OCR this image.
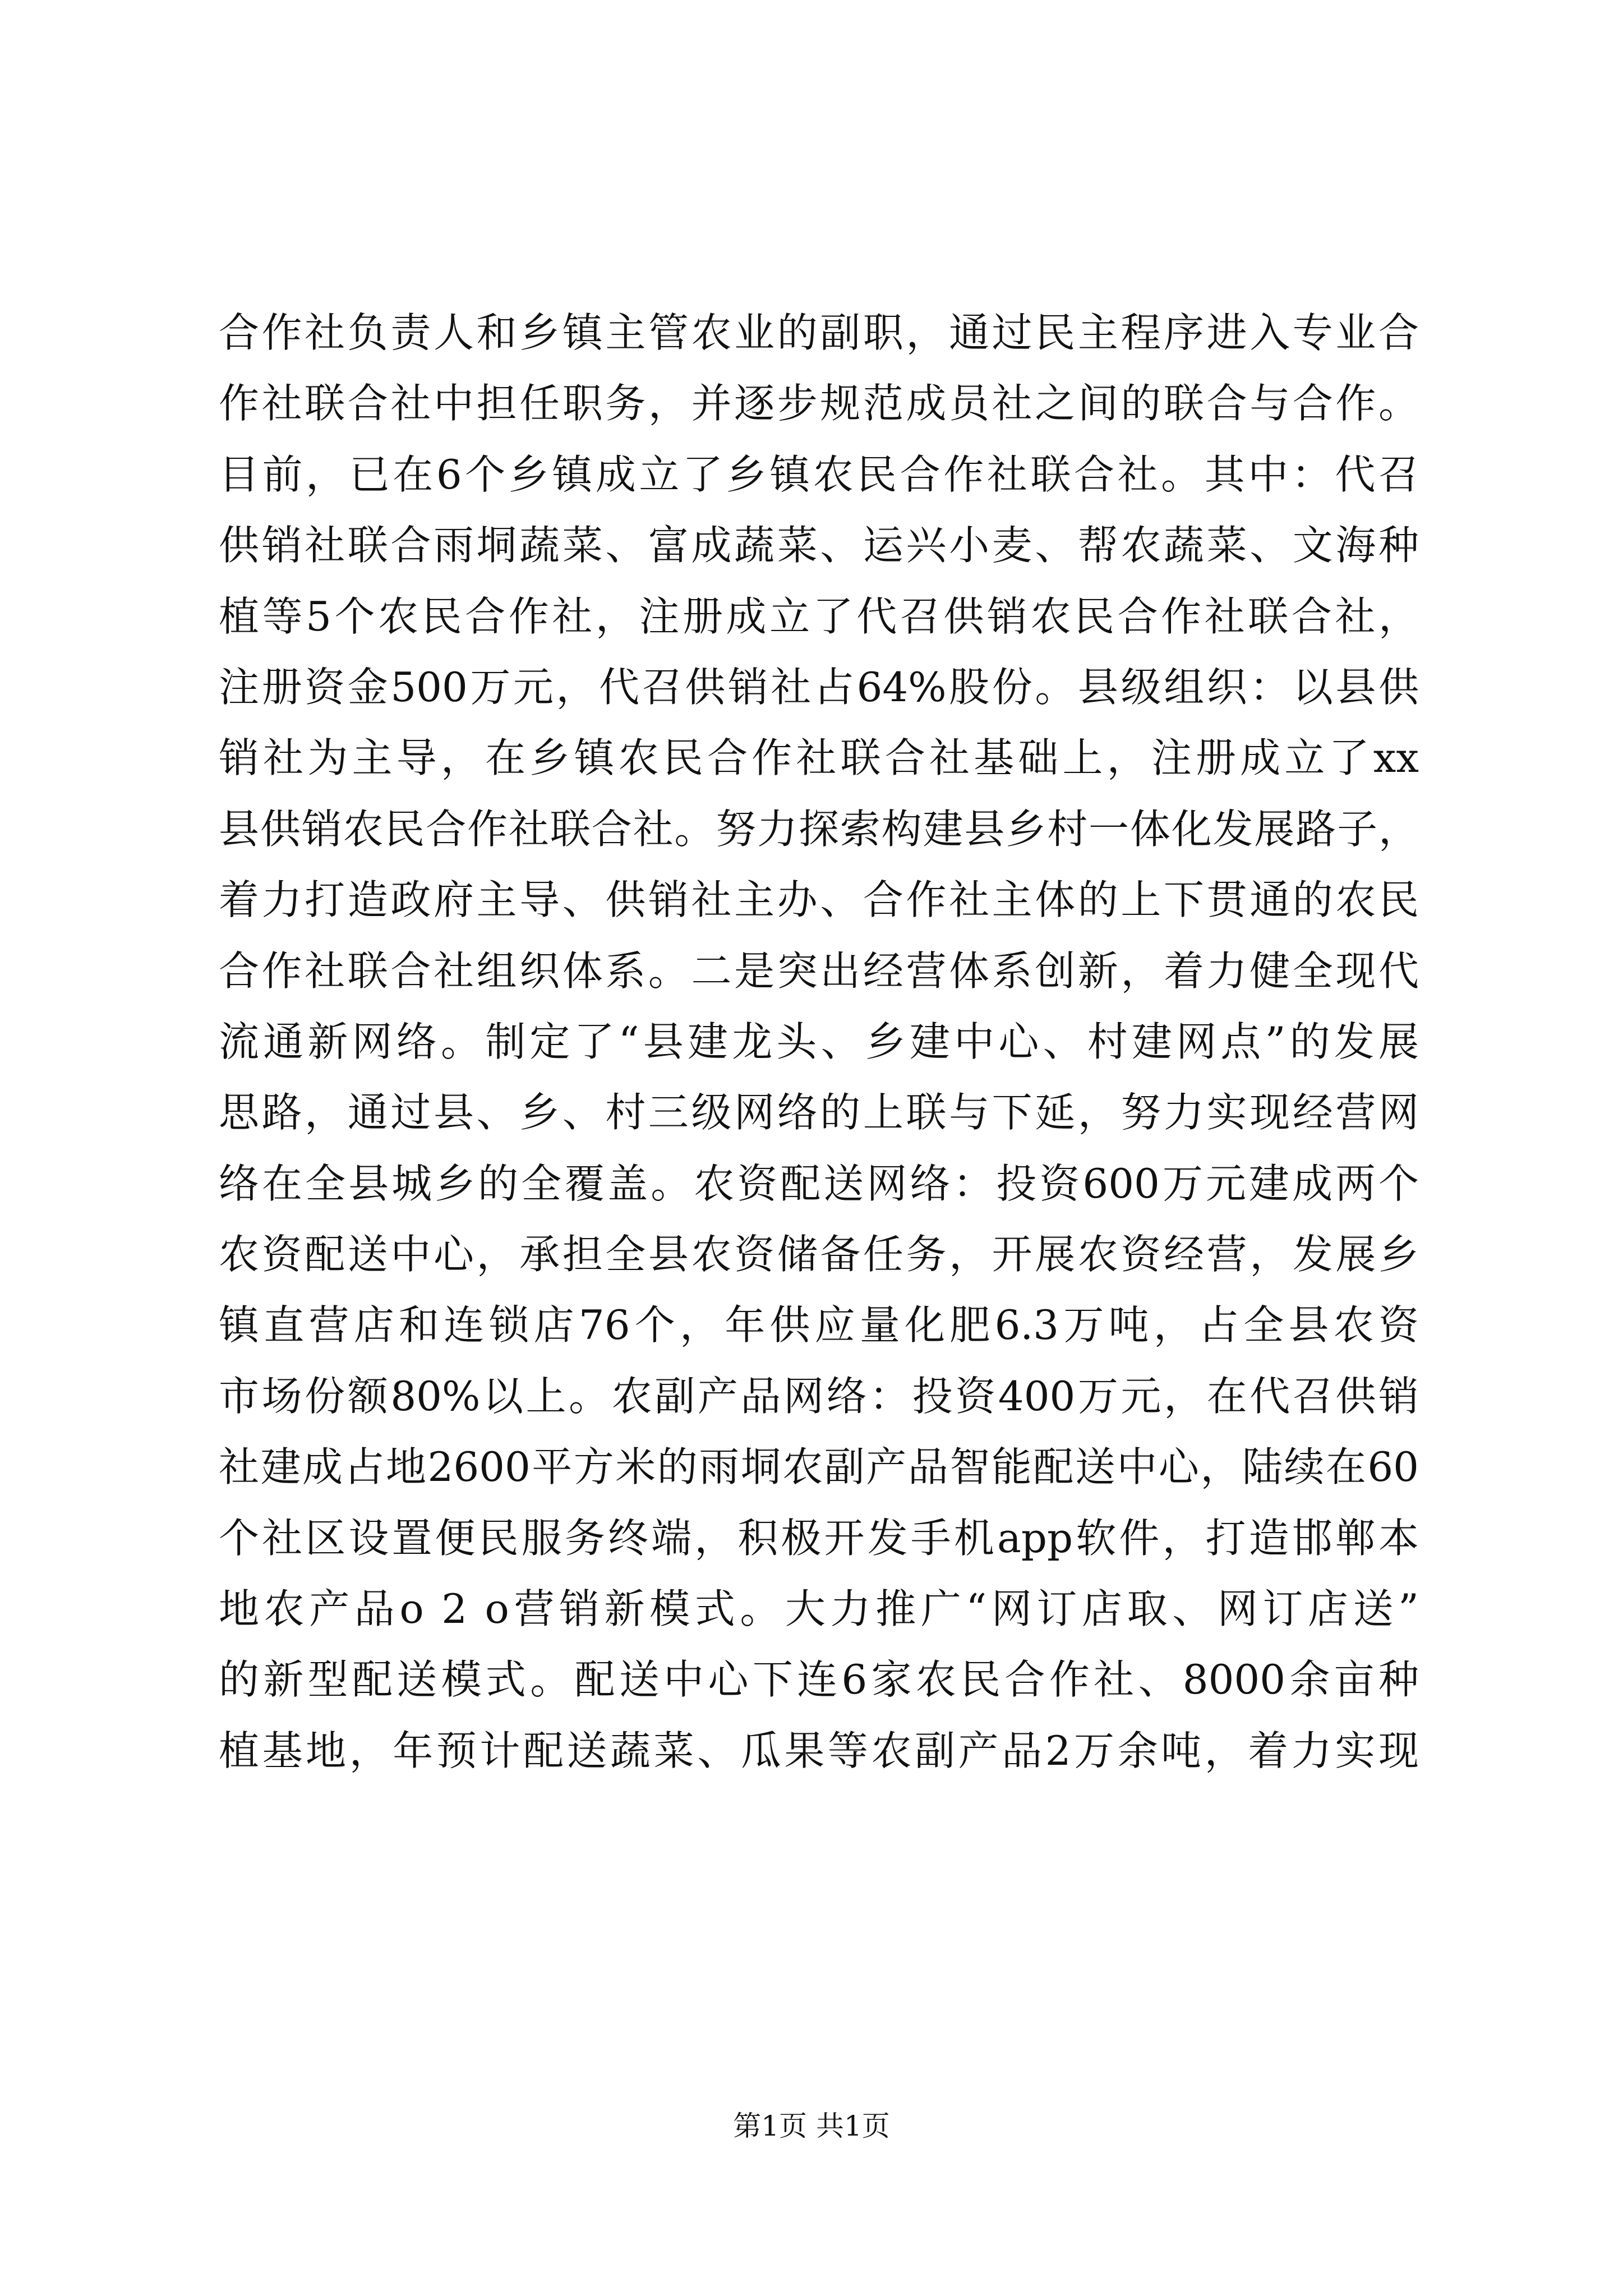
合作社负责人和乡镇主管农业的副职，通过民主程序进入专业合
作社联合社中担任职务，并逐步规范成员社之间的联合与合作。
目前，已在6个乡镇成立了乡镇农民合作社联合社。其中：代召
供销社联合雨垌蔬菜、富成蔬菜、运兴小麦、帮农蔬菜、文海种
植等5个农民合作社，注册成立了代召供销农民合作社联合社，
注册资金500万元，代召供销社占64%股份。县级组织：以县供
销社为主导，在乡镇农民合作社联合社基础上，注册成立了xx
县供销农民合作社联合社。努力探索构建县乡村一体化发展路子，
着力打造政府主导、供销社主办、合作社主体的上下贯通的农民
合作社联合社组织体系。二是突出经营体系创新，着力健全现代
流通新网络。制定了“县建龙头、乡建中心、村建网点”的发展
思路，通过县、乡、村三级网络的上联与下延，努力实现经营网
络在全县城乡的全覆盖。农资配送网络：投资600万元建成两个
农资配送中心，承担全县农资储备任务，开展农资经营，发展乡
镇直营店和连锁店76个，年供应量化肥6.3万吨，占全县农资
市场份额80%以上。农副产品网络：投资400万元，在代召供销
社建成占地2600平方米的雨垌农副产品智能配送中心，陆续在60
个社区设置便民服务终端，积极开发手机app软件，打造邯郸本
地农产品o 2 o营销新模式。大力推广“网订店取、网订店送”
的新型配送模式。配送中心下连6家农民合作社、8000余亩种
植基地，年预计配送蔬菜、瓜果等农副产品2万余吨，着力实现
第1页 共1页
